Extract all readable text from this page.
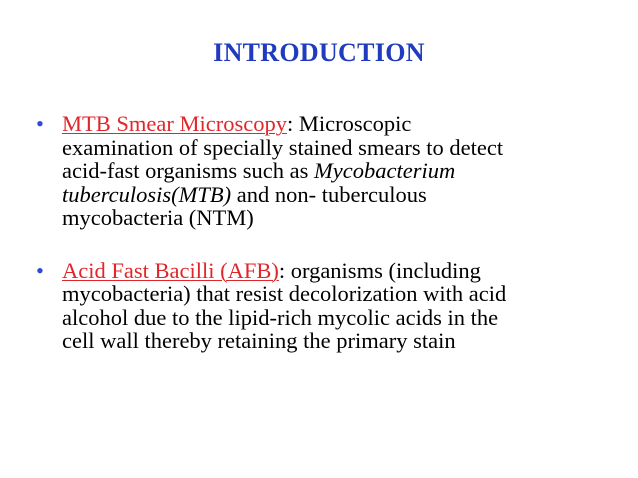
INTRODUCTION
• MTB Smear Microscopy: Microscopic
examination of specially stained smears to detect
acid-fast organisms such as Mycobacterium
tuberculosis(MTB) and non- tuberculous
mycobacteria (NTM)
• Acid Fast Bacilli (AFB): organisms (including
mycobacteria) that resist decolorization with acid
alcohol due to the lipid-rich mycolic acids in the
cell wall thereby retaining the primary stain
